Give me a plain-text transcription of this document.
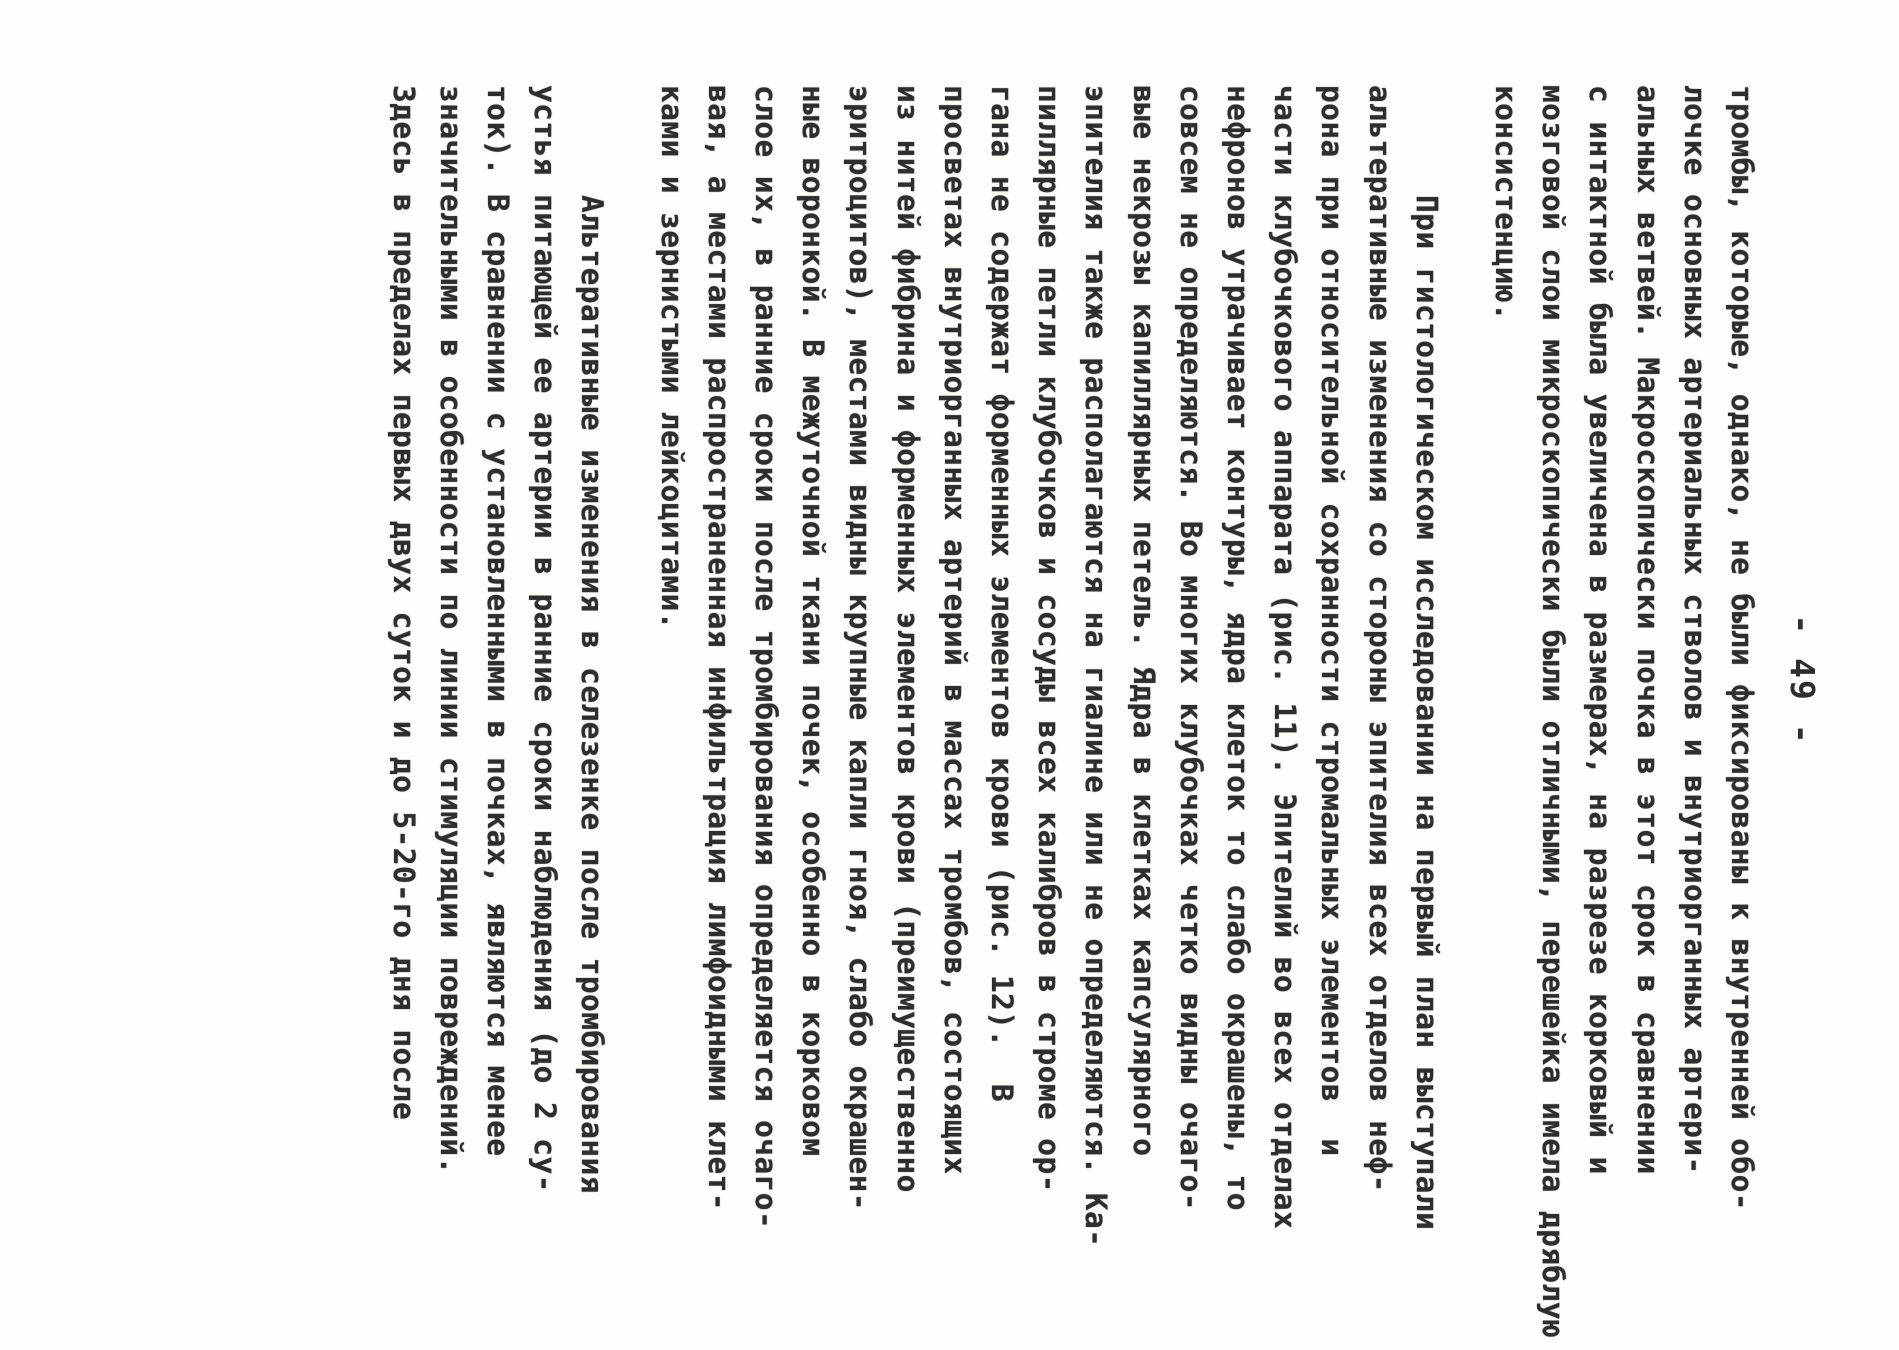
- 49 -
тромбы, которые, однако, не были фиксированы к внутренней обо-
лочке основных артериальных стволов и внутриорганных артери-
альных ветвей. Макроскопически почка в этот срок в сравнении
с интактной была увеличена в размерах, на разрезе корковый и
мозговой слои микроскопически были отличными, перешейка имела дряблую
консистенцию.
При гистологическом исследовании на первый план выступали
альтеративные изменения со стороны эпителия всех отделов неф-
рона при относительной сохранности стромальных элементов  и
части клубочкового аппарата (рис. 11). Эпителий во всех отделах
нефронов утрачивает контуры, ядра клеток то слабо окрашены, то
совсем не определяются. Во многих клубочках четко видны очаго-
вые некрозы капиллярных петель. Ядра в клетках капсулярного
эпителия также располагаются на гиалине или не определяются. Ка-
пиллярные петли клубочков и сосуды всех калибров в строме ор-
гана не содержат форменных элементов крови (рис. 12).  В
просветах внутриорганных артерий в массах тромбов, состоящих
из нитей фибрина и форменных элементов крови (преимущественно
эритроцитов), местами видны крупные капли гноя, слабо окрашен-
ные воронкой. В межуточной ткани почек, особенно в корковом
слое их, в ранние сроки после тромбирования определяется очаго-
вая, а местами распространенная инфильтрация лимфоидными клет-
ками и зернистыми лейкоцитами.
Альтеративные изменения в селезенке после тромбирования
устья питающей ее артерии в ранние сроки наблюдения (до 2 су-
ток). В сравнении с установленными в почках, являются менее
значительными в особенности по линии стимуляции повреждений.
Здесь в пределах первых двух суток и до 5-20-го дня после
